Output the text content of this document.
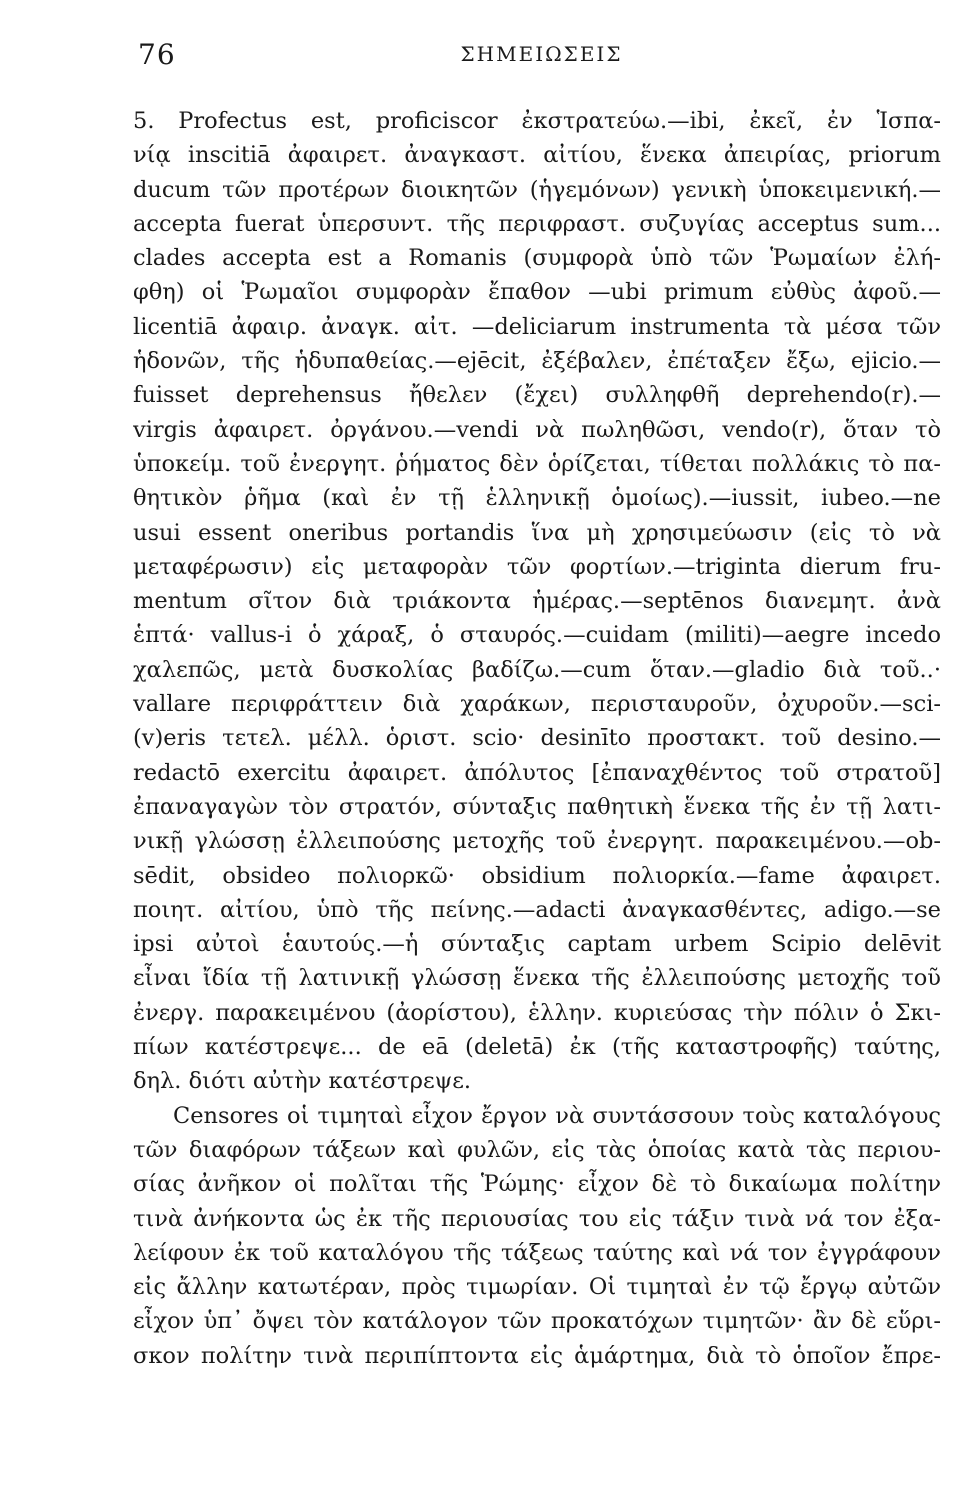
76	ΣΗΜΕΙΩΣΕΙΣ
5. Profectus est, proficiscor ἐκστρατεύω.—ibi, ἐκεῖ, ἐν Ἱσπα-
νίᾳ inscitiā ἀφαιρετ. ἀναγκαστ. αἰτίου, ἕνεκα ἀπειρίας, priorum
ducum τῶν προτέρων διοικητῶν (ἡγεμόνων) γενικὴ ὑποκειμενική.—
accepta fuerat ὑπερσυντ. τῆς περιφραστ. συζυγίας acceptus sum...
clades accepta est a Romanis (συμφορὰ ὑπὸ τῶν Ῥωμαίων ἐλή-
φθη) οἱ Ῥωμαῖοι συμφορὰν ἔπαθον —ubi primum εὐθὺς ἀφοῦ.—
licentiā ἀφαιρ. ἀναγκ. αἰτ. —deliciarum instrumenta τὰ μέσα τῶν
ἡδονῶν, τῆς ἡδυπαθείας.—ejēcit, ἐξέβαλεν, ἐπέταξεν ἔξω, ejicio.—
fuisset deprehensus ἤθελεν (ἔχει) συλληφθῆ deprehendo(r).—
virgis ἀφαιρετ. ὀργάνου.—vendi νὰ πωληθῶσι, vendo(r), ὅταν τὸ
ὑποκείμ. τοῦ ἐνεργητ. ῥήματος δὲν ὁρίζεται, τίθεται πολλάκις τὸ πα-
θητικὸν ῥῆμα (καὶ ἐν τῇ ἑλληνικῇ ὁμοίως).—iussit, iubeo.—ne
usui essent oneribus portandis ἵνα μὴ χρησιμεύωσιν (εἰς τὸ νὰ
μεταφέρωσιν) εἰς μεταφορὰν τῶν φορτίων.—triginta dierum fru-
mentum σῖτον διὰ τριάκοντα ἡμέρας.—septēnos διανεμητ. ἀνὰ
ἑπτά· vallus-i ὁ χάραξ, ὁ σταυρός.—cuidam (militi)—aegre incedo
χαλεπῶς, μετὰ δυσκολίας βαδίζω.—cum ὅταν.—gladio διὰ τοῦ..·
vallare περιφράττειν διὰ χαράκων, περισταυροῦν, ὀχυροῦν.—sci-
(v)eris τετελ. μέλλ. ὁριστ. scio· desinīto προστακτ. τοῦ desino.—
redactō exercitu ἀφαιρετ. ἀπόλυτος [ἐπαναχθέντος τοῦ στρατοῦ]
ἐπαναγαγὼν τὸν στρατόν, σύνταξις παθητικὴ ἕνεκα τῆς ἐν τῇ λατι-
νικῇ γλώσσῃ ἐλλειπούσης μετοχῆς τοῦ ἐνεργητ. παρακειμένου.—ob-
sēdit, obsideo πολιορκῶ· obsidium πολιορκία.—fame ἀφαιρετ.
ποιητ. αἰτίου, ὑπὸ τῆς πείνης.—adacti ἀναγκασθέντες, adigo.—se
ipsi αὐτοὶ ἑαυτούς.—ἡ σύνταξις captam urbem Scipio delēvit
εἶναι ἴδία τῇ λατινικῇ γλώσσῃ ἕνεκα τῆς ἐλλειπούσης μετοχῆς τοῦ
ἐνεργ. παρακειμένου (ἀορίστου), ἑλλην. κυριεύσας τὴν πόλιν ὁ Σκι-
πίων κατέστρεψε... de eā (deletā) ἐκ (τῆς καταστροφῆς) ταύτης,
δηλ. διότι αὐτὴν κατέστρεψε.
Censores οἱ τιμηταὶ εἶχον ἔργον νὰ συντάσσουν τοὺς καταλόγους
τῶν διαφόρων τάξεων καὶ φυλῶν, εἰς τὰς ὁποίας κατὰ τὰς περιου-
σίας ἀνῆκον οἱ πολῖται τῆς Ῥώμης· εἶχον δὲ τὸ δικαίωμα πολίτην
τινὰ ἀνήκοντα ὡς ἐκ τῆς περιουσίας του εἰς τάξιν τινὰ νά τον ἐξα-
λείφουν ἐκ τοῦ καταλόγου τῆς τάξεως ταύτης καὶ νά τον ἐγγράφουν
εἰς ἄλλην κατωτέραν, πρὸς τιμωρίαν. Οἱ τιμηταὶ ἐν τῷ ἔργῳ αὐτῶν
εἶχον ὑπ᾽ ὄψει τὸν κατάλογον τῶν προκατόχων τιμητῶν· ἂν δὲ εὕρι-
σκον πολίτην τινὰ περιπίπτοντα εἰς ἁμάρτημα, διὰ τὸ ὁποῖον ἔπρε-
